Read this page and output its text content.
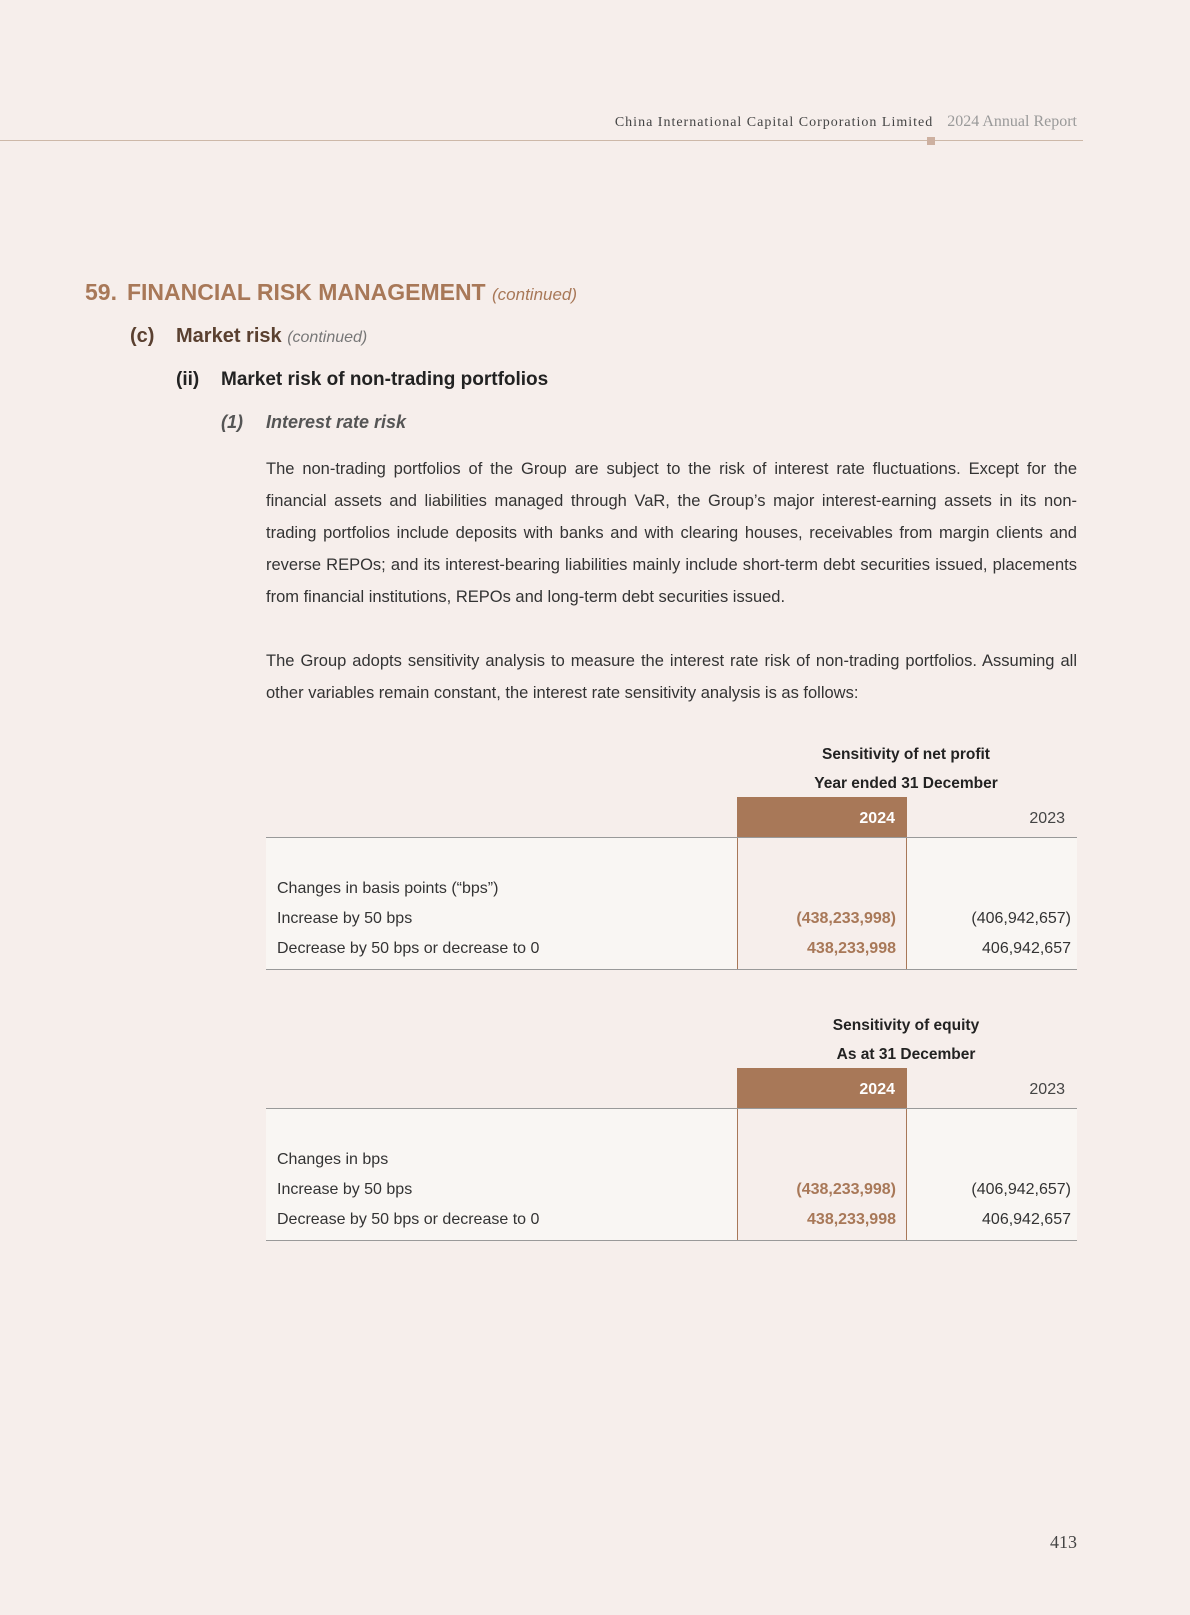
China International Capital Corporation Limited 2024 Annual Report
59. FINANCIAL RISK MANAGEMENT (continued)
(c) Market risk (continued)
(ii) Market risk of non-trading portfolios
(1) Interest rate risk
The non-trading portfolios of the Group are subject to the risk of interest rate fluctuations. Except for the financial assets and liabilities managed through VaR, the Group’s major interest-earning assets in its non-trading portfolios include deposits with banks and with clearing houses, receivables from margin clients and reverse REPOs; and its interest-bearing liabilities mainly include short-term debt securities issued, placements from financial institutions, REPOs and long-term debt securities issued.
The Group adopts sensitivity analysis to measure the interest rate risk of non-trading portfolios. Assuming all other variables remain constant, the interest rate sensitivity analysis is as follows:
Sensitivity of net profit
Year ended 31 December
2024	2023
Changes in basis points (“bps”)
Increase by 50 bps	(438,233,998)	(406,942,657)
Decrease by 50 bps or decrease to 0	438,233,998	406,942,657
Sensitivity of equity
As at 31 December
2024	2023
Changes in bps
Increase by 50 bps	(438,233,998)	(406,942,657)
Decrease by 50 bps or decrease to 0	438,233,998	406,942,657
413
